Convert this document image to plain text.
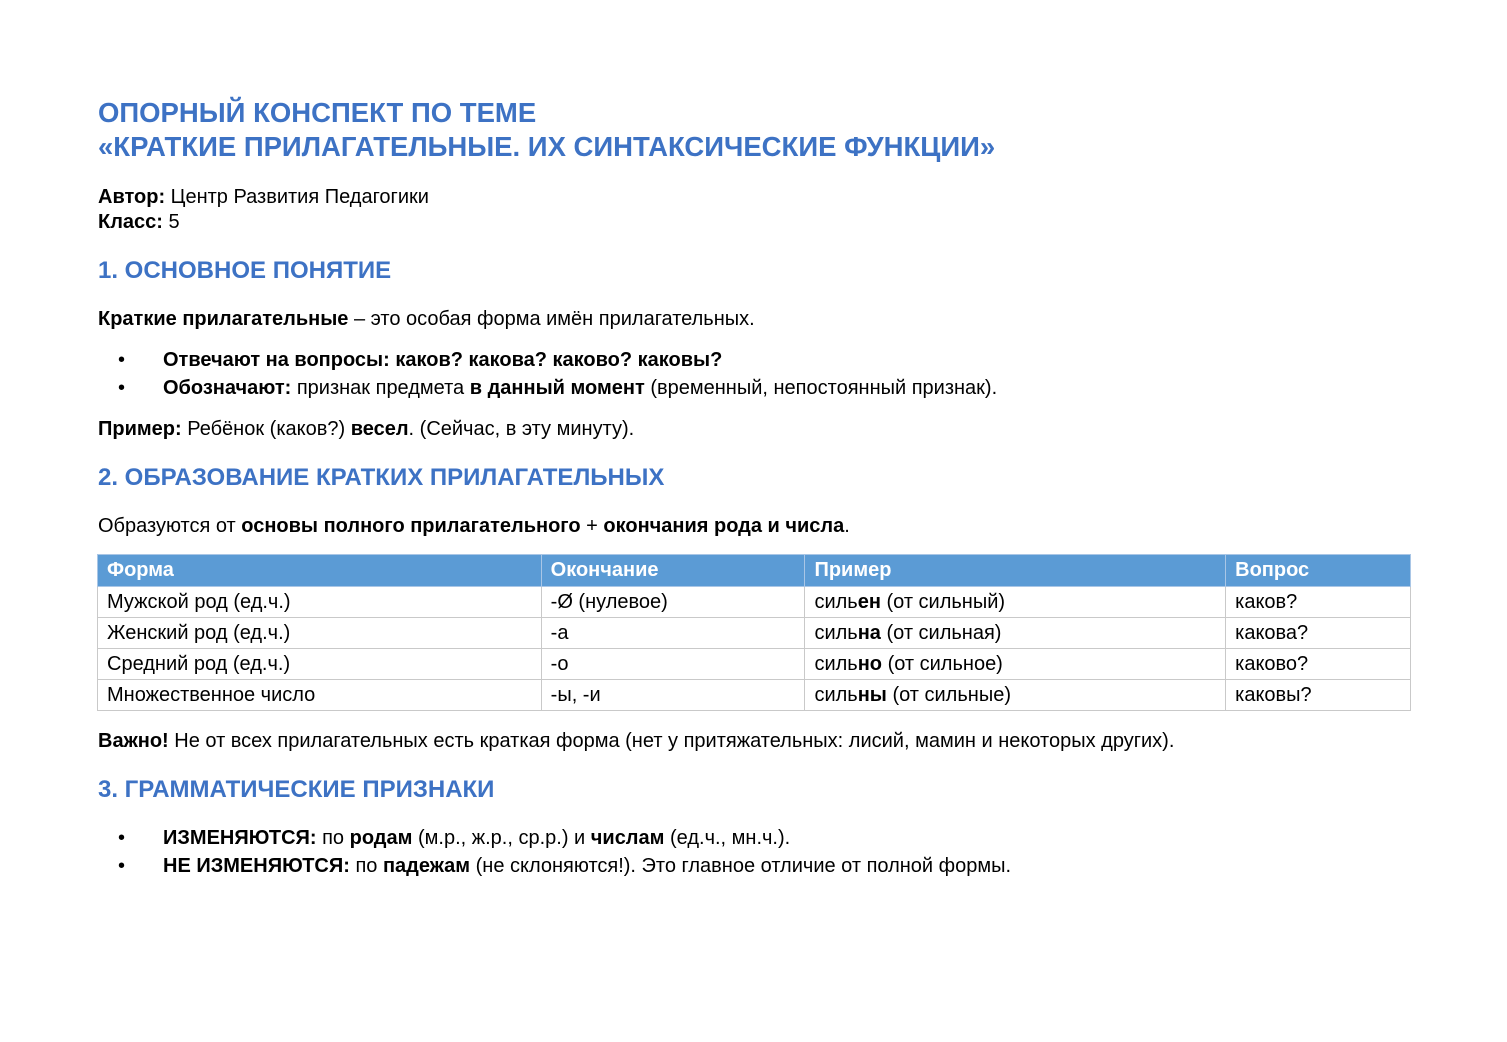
ОПОРНЫЙ КОНСПЕКТ ПО ТЕМЕ
«КРАТКИЕ ПРИЛАГАТЕЛЬНЫЕ. ИХ СИНТАКСИЧЕСКИЕ ФУНКЦИИ»
Автор: Центр Развития Педагогики
Класс: 5
1. ОСНОВНОЕ ПОНЯТИЕ

Краткие прилагательные – это особая форма имён прилагательных.

• Отвечают на вопросы: каков? какова? каково? каковы?
• Обозначают: признак предмета в данный момент (временный, непостоянный признак).

Пример: Ребёнок (каков?) весел. (Сейчас, в эту минуту).

2. ОБРАЗОВАНИЕ КРАТКИХ ПРИЛАГАТЕЛЬНЫХ

Образуются от основы полного прилагательного + окончания рода и числа.

Форма	Окончание	Пример	Вопрос
Мужской род (ед.ч.)	-Ø (нулевое)	сильен (от сильный)	каков?
Женский род (ед.ч.)	-а	сильна (от сильная)	какова?
Средний род (ед.ч.)	-о	сильно (от сильное)	каково?
Множественное число	-ы, -и	сильны (от сильные)	каковы?

Важно! Не от всех прилагательных есть краткая форма (нет у притяжательных: лисий, мамин и некоторых других).

3. ГРАММАТИЧЕСКИЕ ПРИЗНАКИ
• ИЗМЕНЯЮТСЯ: по родам (м.р., ж.р., ср.р.) и числам (ед.ч., мн.ч.).
• НЕ ИЗМЕНЯЮТСЯ: по падежам (не склоняются!). Это главное отличие от полной формы.
